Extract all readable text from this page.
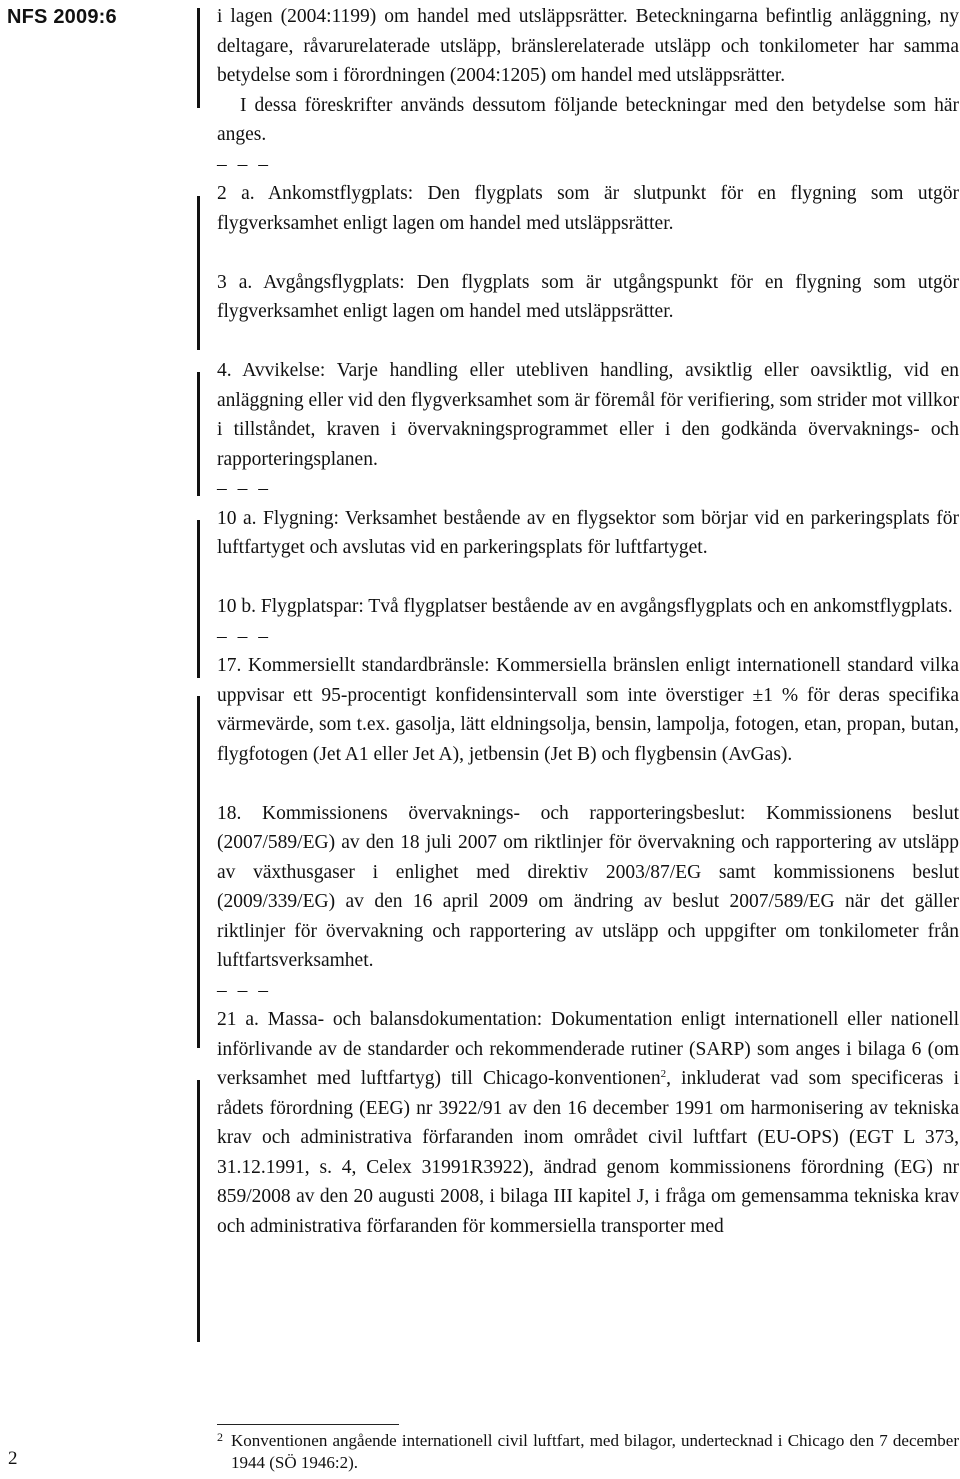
NFS 2009:6	i lagen (2004:1199) om handel med utsläppsrätter. Beteckningarna befintlig anläggning, ny deltagare, råvarurelaterade utsläpp, bränslerelaterade utsläpp och tonkilometer har samma betydelse som i förordningen (2004:1205) om handel med utsläppsrätter.

I dessa föreskrifter används dessutom följande beteckningar med den betydelse som här anges.

– – –

2 a. Ankomstflygplats: Den flygplats som är slutpunkt för en flygning som utgör flygverksamhet enligt lagen om handel med utsläppsrätter.

3 a. Avgångsflygplats: Den flygplats som är utgångspunkt för en flygning som utgör flygverksamhet enligt lagen om handel med utsläppsrätter.

4. Avvikelse: Varje handling eller utebliven handling, avsiktlig eller oavsiktlig, vid en anläggning eller vid den flygverksamhet som är föremål för verifiering, som strider mot villkor i tillståndet, kraven i övervakningsprogrammet eller i den godkända övervaknings- och rapporteringsplanen.

– – –

10 a. Flygning: Verksamhet bestående av en flygsektor som börjar vid en parkeringsplats för luftfartyget och avslutas vid en parkeringsplats för luftfartyget.

10 b. Flygplatspar: Två flygplatser bestående av en avgångsflygplats och en ankomstflygplats.

– – –

17. Kommersiellt standardbränsle: Kommersiella bränslen enligt internationell standard vilka uppvisar ett 95-procentigt konfidensintervall som inte överstiger ±1 % för deras specifika värmevärde, som t.ex. gasolja, lätt eldningsolja, bensin, lampolja, fotogen, etan, propan, butan, flygfotogen (Jet A1 eller Jet A), jetbensin (Jet B) och flygbensin (AvGas).

18. Kommissionens övervaknings- och rapporteringsbeslut: Kommissionens beslut (2007/589/EG) av den 18 juli 2007 om riktlinjer för övervakning och rapportering av utsläpp av växthusgaser i enlighet med direktiv 2003/87/EG samt kommissionens beslut (2009/339/EG) av den 16 april 2009 om ändring av beslut 2007/589/EG när det gäller riktlinjer för övervakning och rapportering av utsläpp och uppgifter om tonkilometer från luftfartsverksamhet.

– – –

21 a. Massa- och balansdokumentation: Dokumentation enligt internationell eller nationell införlivande av de standarder och rekommenderade rutiner (SARP) som anges i bilaga 6 (om verksamhet med luftfartyg) till Chicago-konventionen$^2$, inkluderat vad som specificeras i rådets förordning (EEG) nr 3922/91 av den 16 december 1991 om harmonisering av tekniska krav och administrativa förfaranden inom området civil luftfart (EU-OPS) (EGT L 373, 31.12.1991, s. 4, Celex 31991R3922), ändrad genom kommissionens förordning (EG) nr 859/2008 av den 20 augusti 2008, i bilaga III kapitel J, i fråga om gemensamma tekniska krav och administrativa förfaranden för kommersiella transporter med

2 Konventionen angående internationell civil luftfart, med bilagor, undertecknad i Chicago den 7 december 1944 (SÖ 1946:2).
2
